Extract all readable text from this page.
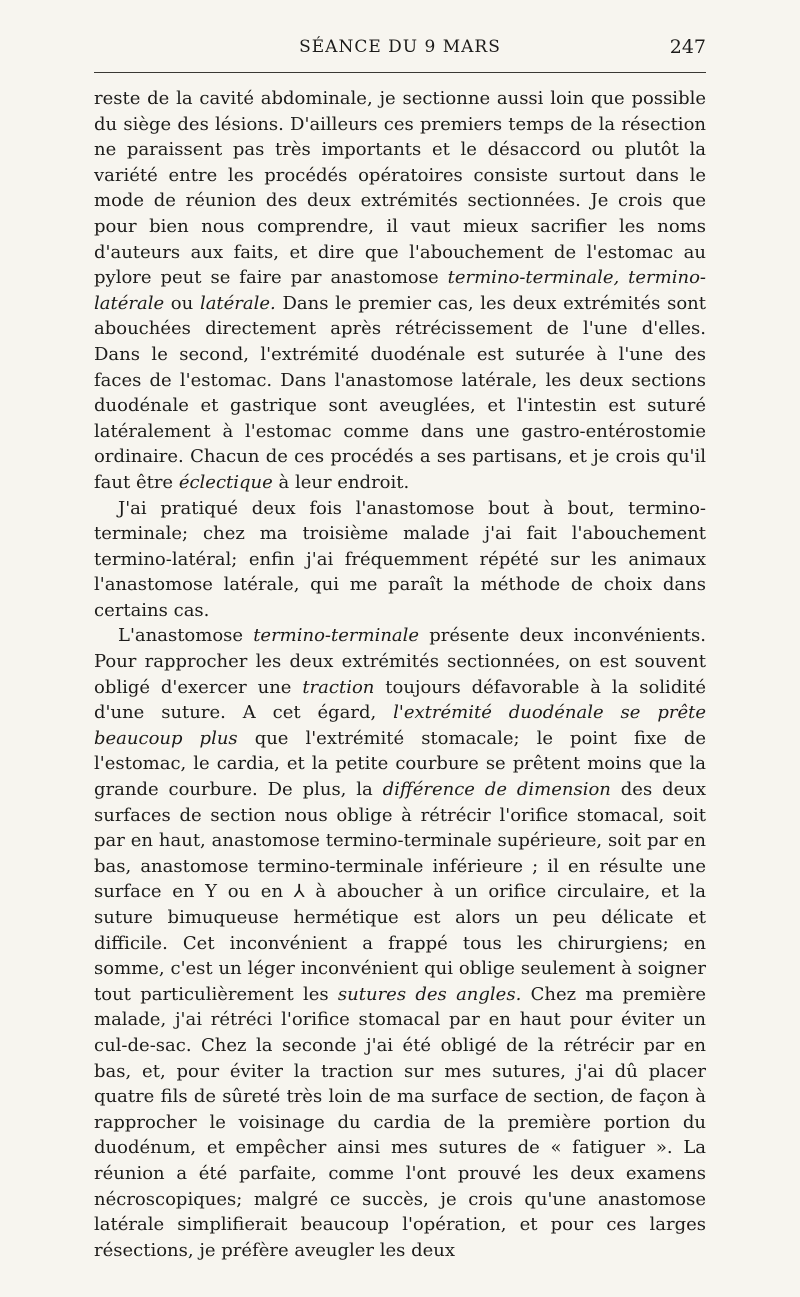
SÉANCE DU 9 MARS	247

reste de la cavité abdominale, je sectionne aussi loin que possible du siège des lésions. D'ailleurs ces premiers temps de la résection ne paraissent pas très importants et le désaccord ou plutôt la variété entre les procédés opératoires consiste surtout dans le mode de réunion des deux extrémités sectionnées. Je crois que pour bien nous comprendre, il vaut mieux sacrifier les noms d'auteurs aux faits, et dire que l'abouchement de l'estomac au pylore peut se faire par anastomose termino-terminale, termino-latérale ou latérale. Dans le premier cas, les deux extrémités sont abouchées directement après rétrécissement de l'une d'elles. Dans le second, l'extrémité duodénale est suturée à l'une des faces de l'estomac. Dans l'anastomose latérale, les deux sections duodénale et gastrique sont aveuglées, et l'intestin est suturé latéralement à l'estomac comme dans une gastro-entérostomie ordinaire. Chacun de ces procédés a ses partisans, et je crois qu'il faut être éclectique à leur endroit.

J'ai pratiqué deux fois l'anastomose bout à bout, termino-terminale; chez ma troisième malade j'ai fait l'abouchement termino-latéral; enfin j'ai fréquemment répété sur les animaux l'anastomose latérale, qui me paraît la méthode de choix dans certains cas.

L'anastomose termino-terminale présente deux inconvénients. Pour rapprocher les deux extrémités sectionnées, on est souvent obligé d'exercer une traction toujours défavorable à la solidité d'une suture. A cet égard, l'extrémité duodénale se prête beaucoup plus que l'extrémité stomacale; le point fixe de l'estomac, le cardia, et la petite courbure se prêtent moins que la grande courbure. De plus, la différence de dimension des deux surfaces de section nous oblige à rétrécir l'orifice stomacal, soit par en haut, anastomose termino-terminale supérieure, soit par en bas, anastomose termino-terminale inférieure ; il en résulte une surface en Y ou en ⅄ à aboucher à un orifice circulaire, et la suture bimuqueuse hermétique est alors un peu délicate et difficile. Cet inconvénient a frappé tous les chirurgiens; en somme, c'est un léger inconvénient qui oblige seulement à soigner tout particulièrement les sutures des angles. Chez ma première malade, j'ai rétréci l'orifice stomacal par en haut pour éviter un cul-de-sac. Chez la seconde j'ai été obligé de la rétrécir par en bas, et, pour éviter la traction sur mes sutures, j'ai dû placer quatre fils de sûreté très loin de ma surface de section, de façon à rapprocher le voisinage du cardia de la première portion du duodénum, et empêcher ainsi mes sutures de « fatiguer ». La réunion a été parfaite, comme l'ont prouvé les deux examens nécroscopiques; malgré ce succès, je crois qu'une anastomose latérale simplifierait beaucoup l'opération, et pour ces larges résections, je préfère aveugler les deux
